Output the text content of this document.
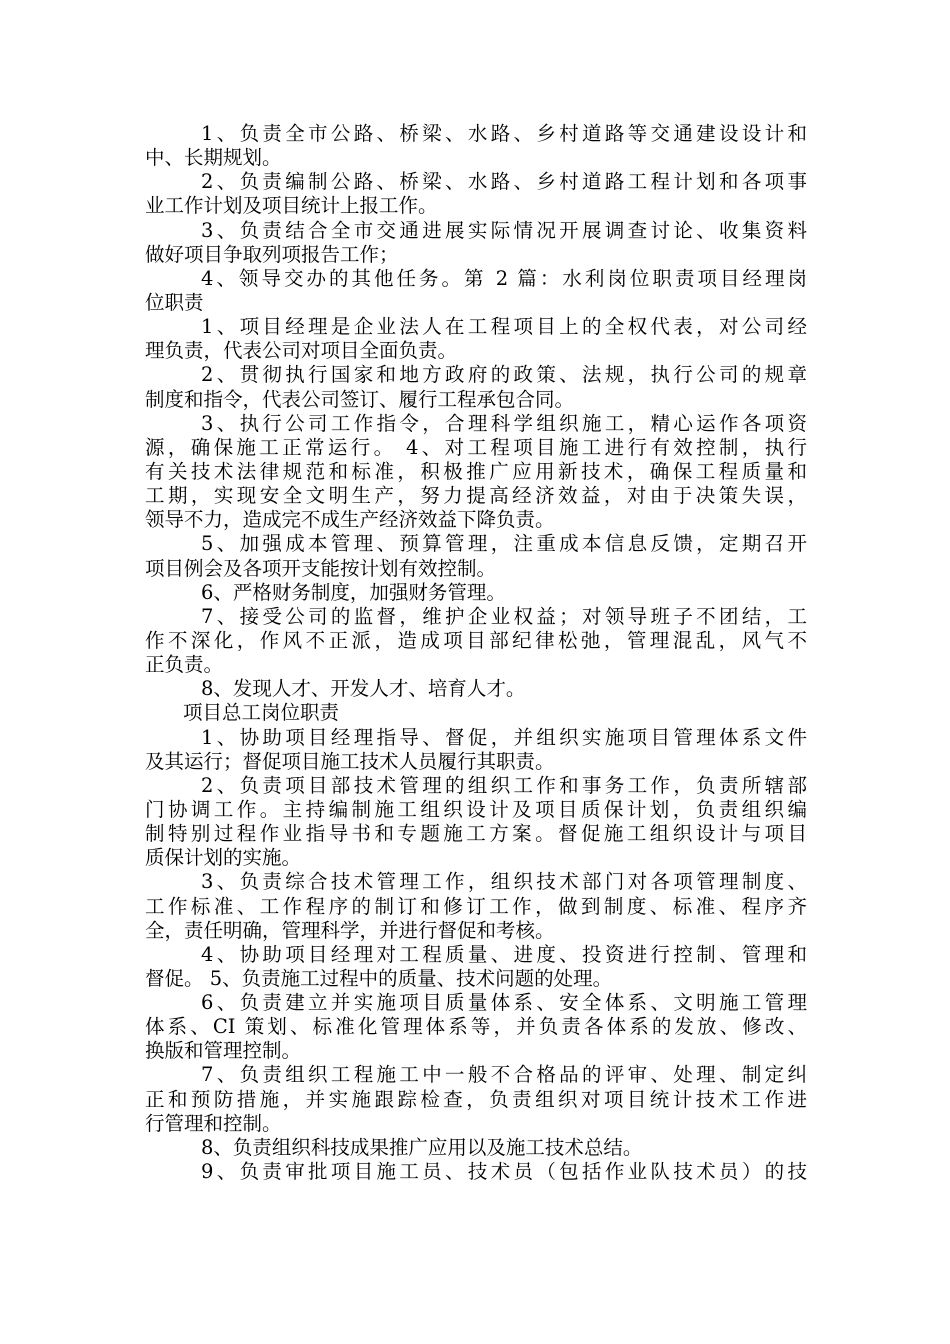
1、负责全市公路、桥梁、水路、乡村道路等交通建设设计和
中、长期规划。
2、负责编制公路、桥梁、水路、乡村道路工程计划和各项事
业工作计划及项目统计上报工作。
3、负责结合全市交通进展实际情况开展调查讨论、收集资料
做好项目争取列项报告工作；
4、领导交办的其他任务。第 2 篇：水利岗位职责项目经理岗
位职责
1、项目经理是企业法人在工程项目上的全权代表，对公司经
理负责，代表公司对项目全面负责。
2、贯彻执行国家和地方政府的政策、法规，执行公司的规章
制度和指令，代表公司签订、履行工程承包合同。
3、执行公司工作指令，合理科学组织施工，精心运作各项资
源，确保施工正常运行。 4、对工程项目施工进行有效控制，执行
有关技术法律规范和标准，积极推广应用新技术，确保工程质量和
工期，实现安全文明生产，努力提高经济效益，对由于决策失误，
领导不力，造成完不成生产经济效益下降负责。
5、加强成本管理、预算管理，注重成本信息反馈，定期召开
项目例会及各项开支能按计划有效控制。
6、严格财务制度，加强财务管理。
7、接受公司的监督，维护企业权益；对领导班子不团结，工
作不深化，作风不正派，造成项目部纪律松弛，管理混乱，风气不
正负责。
8、发现人才、开发人才、培育人才。
项目总工岗位职责
1、协助项目经理指导、督促，并组织实施项目管理体系文件
及其运行；督促项目施工技术人员履行其职责。
2、负责项目部技术管理的组织工作和事务工作，负责所辖部
门协调工作。主持编制施工组织设计及项目质保计划，负责组织编
制特别过程作业指导书和专题施工方案。督促施工组织设计与项目
质保计划的实施。
3、负责综合技术管理工作，组织技术部门对各项管理制度、
工作标准、工作程序的制订和修订工作，做到制度、标准、程序齐
全，责任明确，管理科学，并进行督促和考核。
4、协助项目经理对工程质量、进度、投资进行控制、管理和
督促。 5、负责施工过程中的质量、技术问题的处理。
6、负责建立并实施项目质量体系、安全体系、文明施工管理
体系、CI 策划、标准化管理体系等，并负责各体系的发放、修改、
换版和管理控制。
7、负责组织工程施工中一般不合格品的评审、处理、制定纠
正和预防措施，并实施跟踪检查，负责组织对项目统计技术工作进
行管理和控制。
8、负责组织科技成果推广应用以及施工技术总结。
9、负责审批项目施工员、技术员（包括作业队技术员）的技
